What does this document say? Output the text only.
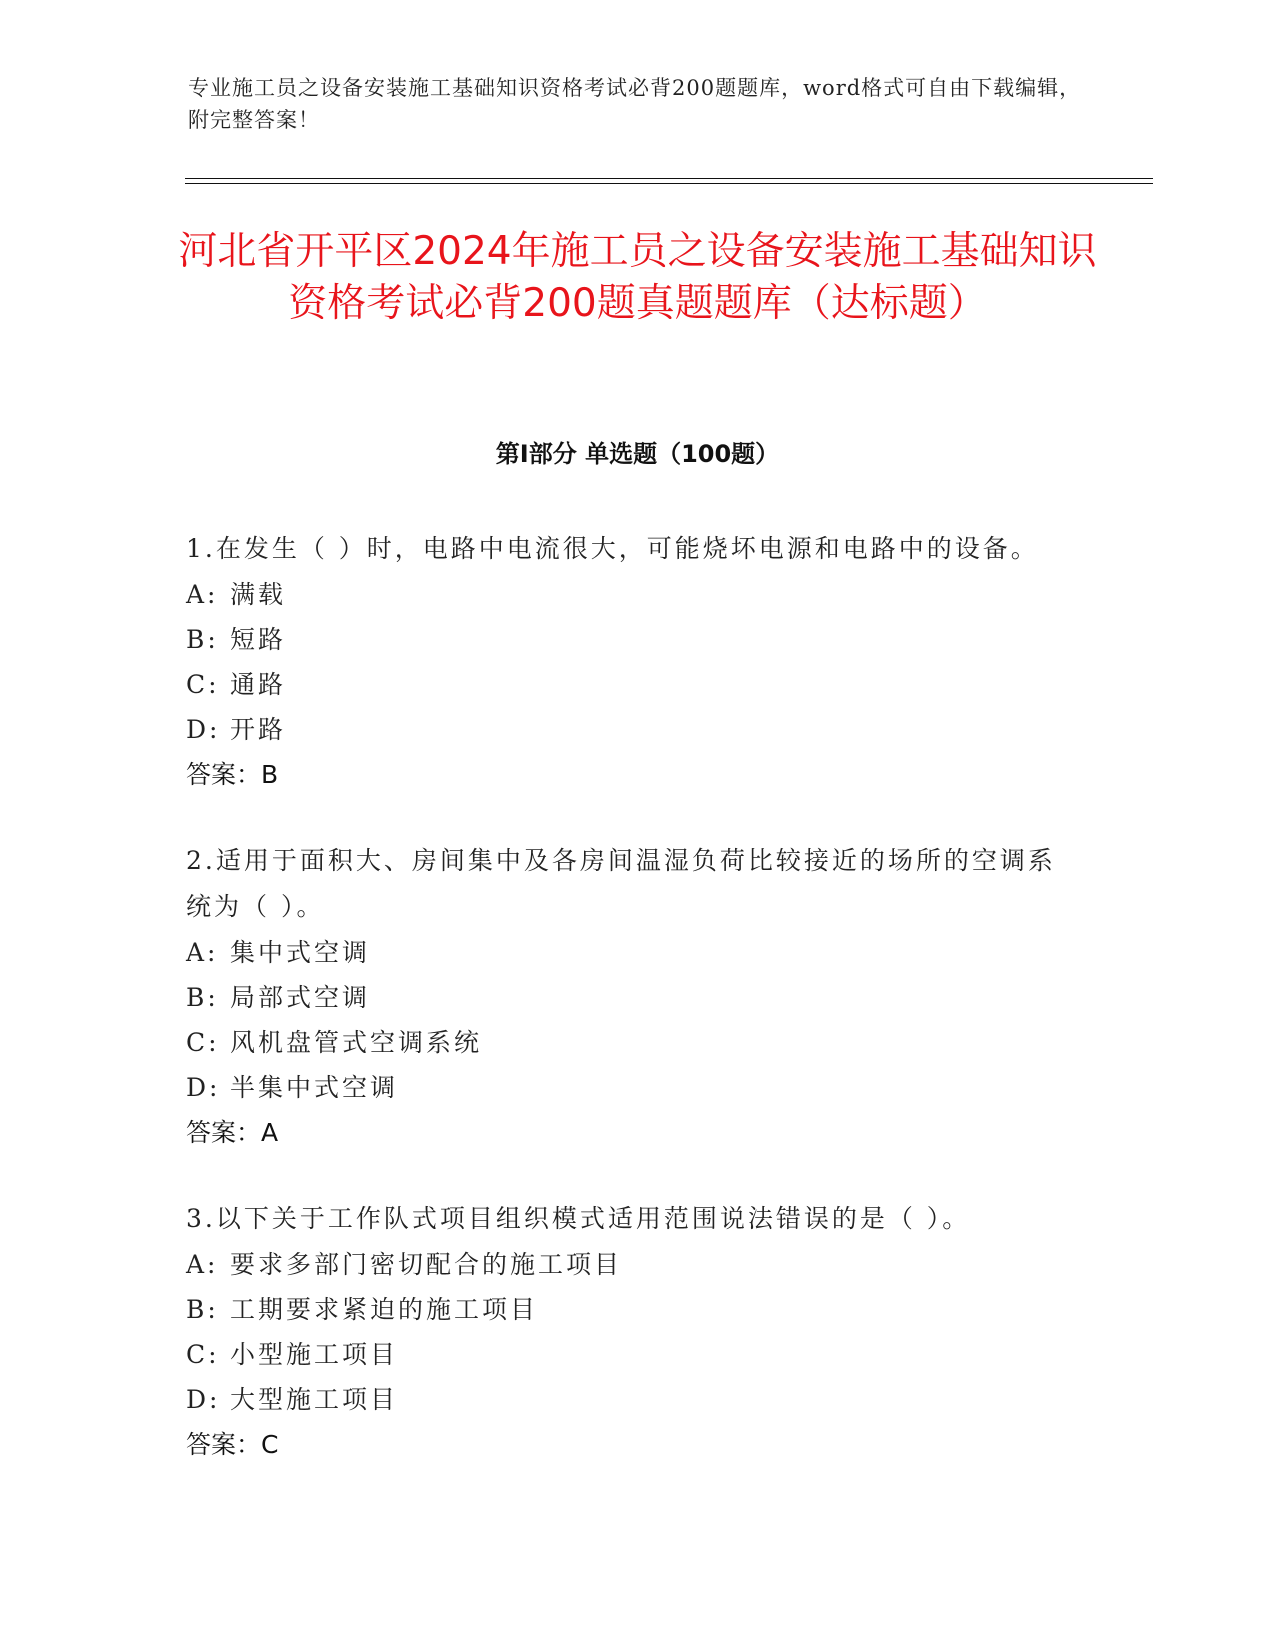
专业施工员之设备安装施工基础知识资格考试必背200题题库，word格式可自由下载编辑，附完整答案！
河北省开平区2024年施工员之设备安装施工基础知识资格考试必背200题真题题库（达标题）
第I部分 单选题（100题）
1.在发生（ ）时，电路中电流很大，可能烧坏电源和电路中的设备。
A: 满载
B: 短路
C: 通路
D: 开路
答案：B
2.适用于面积大、房间集中及各房间温湿负荷比较接近的场所的空调系统为（ ）。
A: 集中式空调
B: 局部式空调
C: 风机盘管式空调系统
D: 半集中式空调
答案：A
3.以下关于工作队式项目组织模式适用范围说法错误的是（ ）。
A: 要求多部门密切配合的施工项目
B: 工期要求紧迫的施工项目
C: 小型施工项目
D: 大型施工项目
答案：C
